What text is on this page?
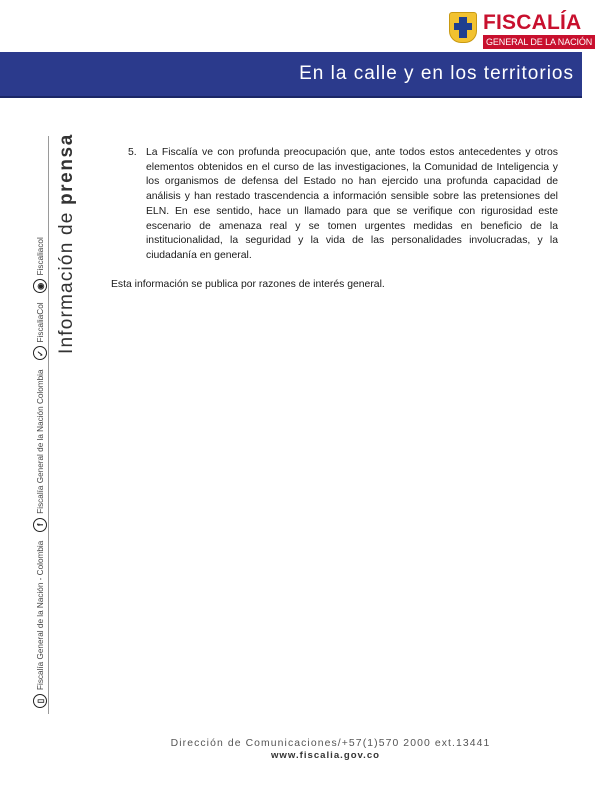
FISCALÍA
GENERAL DE LA NACIÓN
En la calle y en los territorios
▯
Fiscalía General de la Nación - Colombia
f
Fiscalía General de la Nación Colombia
✓
FiscaliaCol
◉
Fiscaliacol Información de prensa	5. La Fiscalía ve con profunda preocupación que, ante todos estos antecedentes y otros elementos obtenidos en el curso de las investigaciones, la Comunidad de Inteligencia y los organismos de defensa del Estado no han ejercido una profunda capacidad de análisis y han restado trascendencia a información sensible sobre las pretensiones del ELN. En ese sentido, hace un llamado para que se verifique con rigurosidad este escenario de amenaza real y se tomen urgentes medidas en beneficio de la institucionalidad, la seguridad y la vida de las personalidades involucradas, y la ciudadanía en general.
Esta información se publica por razones de interés general.
Dirección de Comunicaciones/+57(1)570 2000 ext.13441
www.fiscalia.gov.co
